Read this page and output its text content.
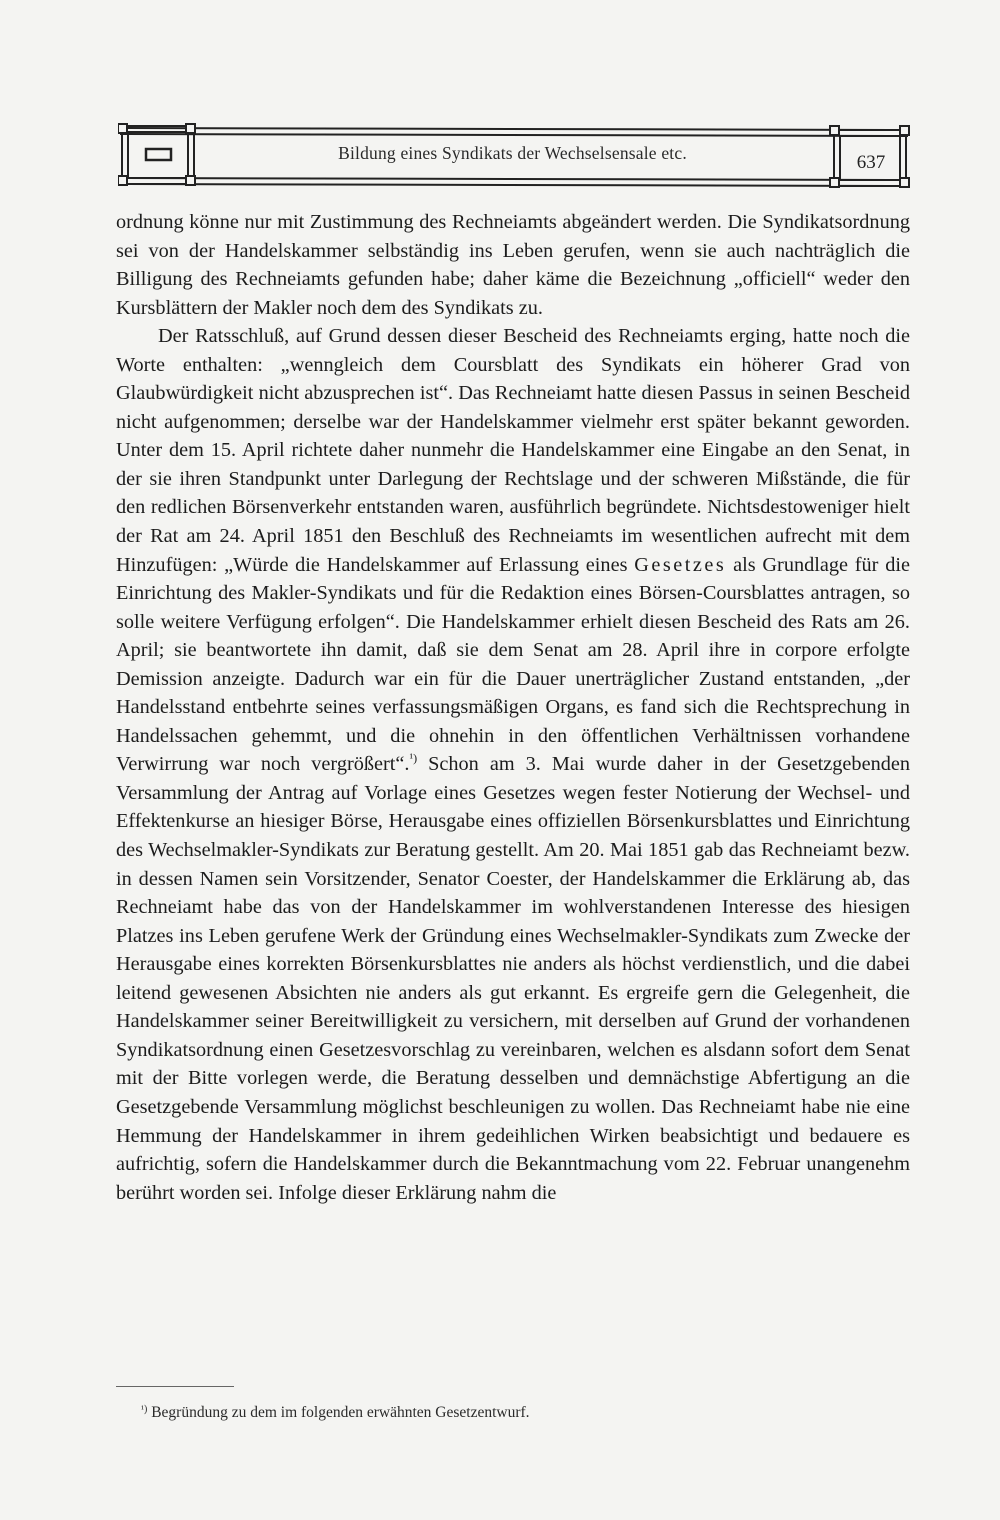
Bildung eines Syndikats der Wechselsensale etc.	637

ordnung könne nur mit Zustimmung des Rechneiamts abgeändert werden. Die Syndikatsordnung sei von der Handelskammer selbständig ins Leben gerufen, wenn sie auch nachträglich die Billigung des Rechneiamts gefunden habe; daher käme die Bezeichnung „officiell“ weder den Kursblättern der Makler noch dem des Syndikats zu.

Der Ratsschluß, auf Grund dessen dieser Bescheid des Rechneiamts erging, hatte noch die Worte enthalten: „wenngleich dem Coursblatt des Syndikats ein höherer Grad von Glaubwürdigkeit nicht abzusprechen ist“. Das Rechneiamt hatte diesen Passus in seinen Bescheid nicht aufgenommen; derselbe war der Handelskammer vielmehr erst später bekannt geworden. Unter dem 15. April richtete daher nunmehr die Handelskammer eine Eingabe an den Senat, in der sie ihren Standpunkt unter Darlegung der Rechtslage und der schweren Mißstände, die für den redlichen Börsenverkehr entstanden waren, ausführlich begründete. Nichtsdestoweniger hielt der Rat am 24. April 1851 den Beschluß des Rechneiamts im wesentlichen aufrecht mit dem Hinzufügen: „Würde die Handelskammer auf Erlassung eines Gesetzes als Grundlage für die Einrichtung des Makler-Syndikats und für die Redaktion eines Börsen-Coursblattes antragen, so solle weitere Verfügung erfolgen“. Die Handelskammer erhielt diesen Bescheid des Rats am 26. April; sie beantwortete ihn damit, daß sie dem Senat am 28. April ihre in corpore erfolgte Demission anzeigte. Dadurch war ein für die Dauer unerträglicher Zustand entstanden, „der Handelsstand entbehrte seines verfassungsmäßigen Organs, es fand sich die Rechtsprechung in Handelssachen gehemmt, und die ohnehin in den öffentlichen Verhältnissen vorhandene Verwirrung war noch vergrößert“.$^{^1)}$ Schon am 3. Mai wurde daher in der Gesetzgebenden Versammlung der Antrag auf Vorlage eines Gesetzes wegen fester Notierung der Wechsel- und Effektenkurse an hiesiger Börse, Herausgabe eines offiziellen Börsenkursblattes und Einrichtung des Wechselmakler-Syndikats zur Beratung gestellt. Am 20. Mai 1851 gab das Rechneiamt bezw. in dessen Namen sein Vorsitzender, Senator Coester, der Handelskammer die Erklärung ab, das Rechneiamt habe das von der Handelskammer im wohlverstandenen Interesse des hiesigen Platzes ins Leben gerufene Werk der Gründung eines Wechselmakler-Syndikats zum Zwecke der Herausgabe eines korrekten Börsenkursblattes nie anders als höchst verdienstlich, und die dabei leitend gewesenen Absichten nie anders als gut erkannt. Es ergreife gern die Gelegenheit, die Handelskammer seiner Bereitwilligkeit zu versichern, mit derselben auf Grund der vorhandenen Syndikatsordnung einen Gesetzesvorschlag zu vereinbaren, welchen es alsdann sofort dem Senat mit der Bitte vorlegen werde, die Beratung desselben und demnächstige Abfertigung an die Gesetzgebende Versammlung möglichst beschleunigen zu wollen. Das Rechneiamt habe nie eine Hemmung der Handelskammer in ihrem gedeihlichen Wirken beabsichtigt und bedauere es aufrichtig, sofern die Handelskammer durch die Bekanntmachung vom 22. Februar unangenehm berührt worden sei. Infolge dieser Erklärung nahm die

$^{^1)}$ Begründung zu dem im folgenden erwähnten Gesetzentwurf.
